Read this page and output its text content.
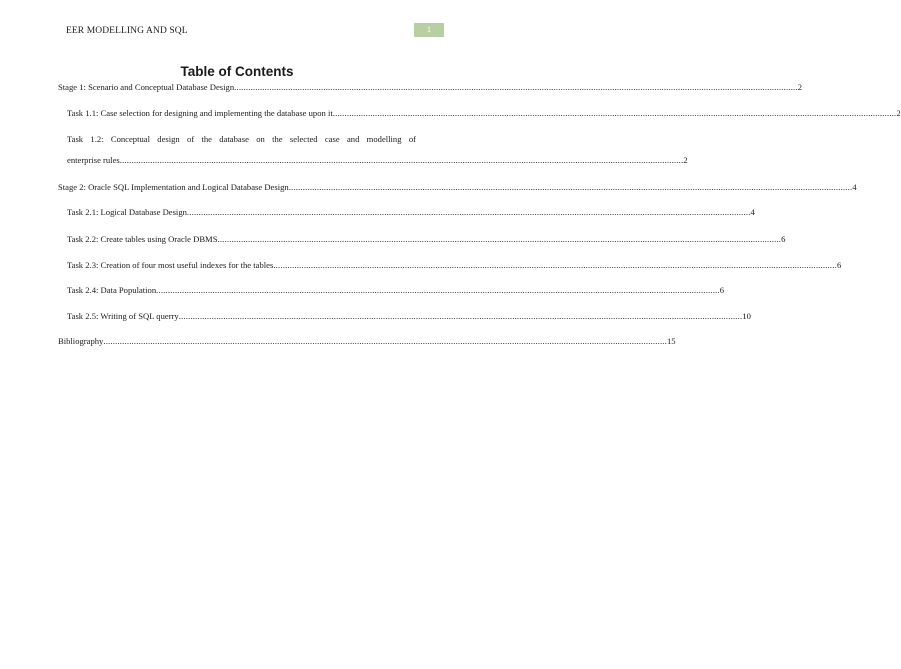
EER MODELLING AND SQL	1
Table of Contents
Stage 1: Scenario and Conceptual Database Design ................................................................................................................................................................................................................................................ 2
Task 1.1: Case selection for designing and implementing the database upon it ................................................................................................................................................................................................................................................ 2
Task 1.2: Conceptual design of the database on the selected case and modelling of
enterprise rules ................................................................................................................................................................................................................................................ 2
Stage 2: Oracle SQL Implementation and Logical Database Design ................................................................................................................................................................................................................................................ 4
Task 2.1: Logical Database Design ................................................................................................................................................................................................................................................ 4
Task 2.2: Create tables using Oracle DBMS ................................................................................................................................................................................................................................................ 6
Task 2.3: Creation of four most useful indexes for the tables ................................................................................................................................................................................................................................................ 6
Task 2.4: Data Population ................................................................................................................................................................................................................................................ 6
Task 2.5: Writing of SQL querry ................................................................................................................................................................................................................................................ 10
Bibliography ................................................................................................................................................................................................................................................ 15
